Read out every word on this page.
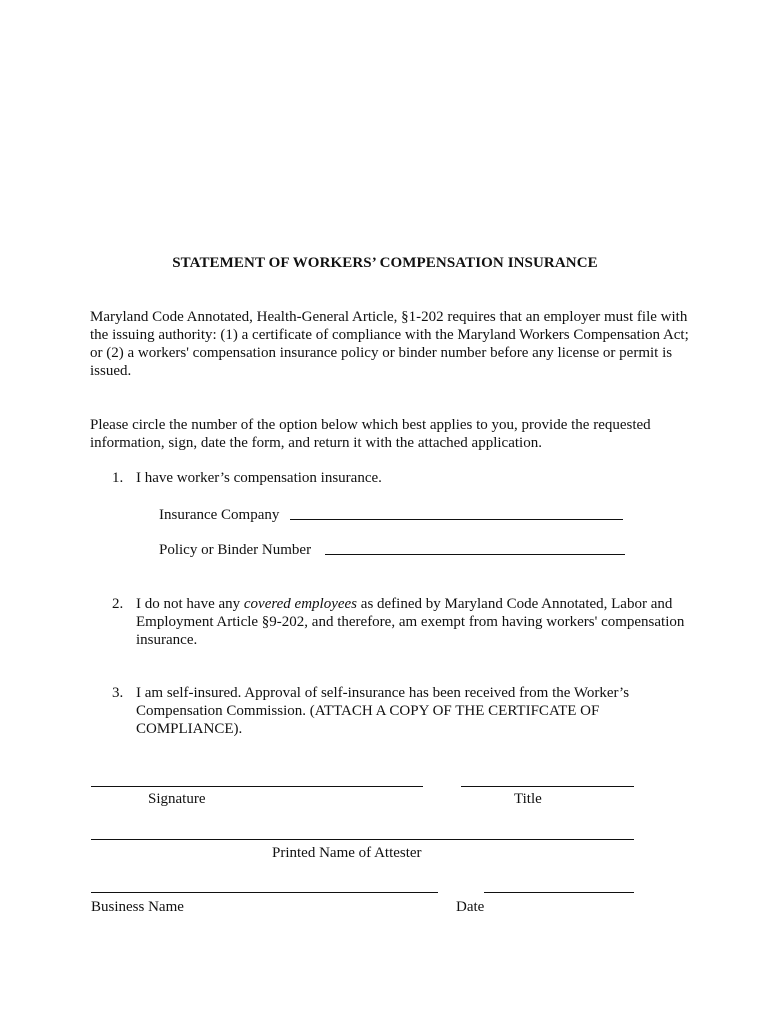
STATEMENT OF WORKERS’ COMPENSATION INSURANCE
Maryland Code Annotated, Health-General Article, §1-202 requires that an employer must file with the issuing authority: (1) a certificate of compliance with the Maryland Workers Compensation Act; or (2) a workers' compensation insurance policy or binder number before any license or permit is issued.
Please circle the number of the option below which best applies to you, provide the requested information, sign, date the form, and return it with the attached application.
1. I have worker’s compensation insurance.
Insurance Company
Policy or Binder Number
2. I do not have any covered employees as defined by Maryland Code Annotated, Labor and Employment Article §9-202, and therefore, am exempt from having workers' compensation insurance.
3. I am self-insured. Approval of self-insurance has been received from the Worker’s Compensation Commission. (ATTACH A COPY OF THE CERTIFCATE OF COMPLIANCE).
Signature	Title
Printed Name of Attester
Business Name	Date
